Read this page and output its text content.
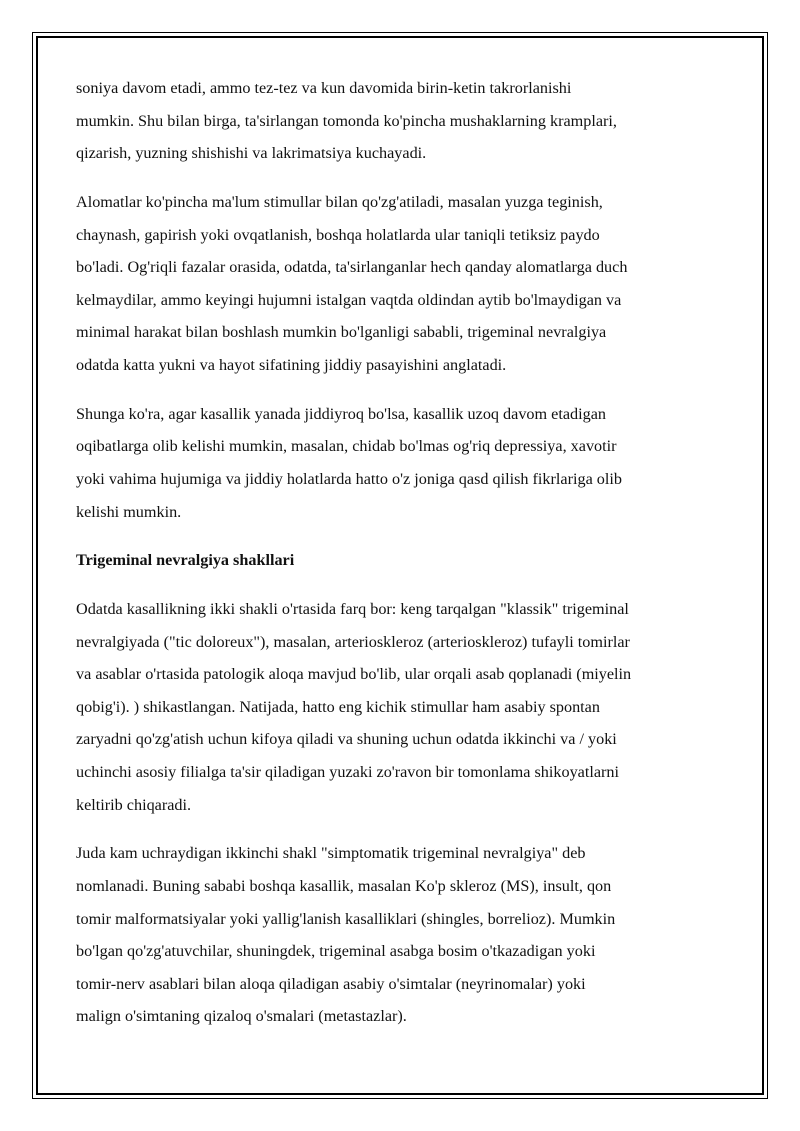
soniya davom etadi, ammo tez-tez va kun davomida birin-ketin takrorlanishi
mumkin. Shu bilan birga, ta'sirlangan tomonda ko'pincha mushaklarning kramplari,
qizarish, yuzning shishishi va lakrimatsiya kuchayadi.

Alomatlar ko'pincha ma'lum stimullar bilan qo'zg'atiladi, masalan yuzga teginish,
chaynash, gapirish yoki ovqatlanish, boshqa holatlarda ular taniqli tetiksiz paydo
bo'ladi. Og'riqli fazalar orasida, odatda, ta'sirlanganlar hech qanday alomatlarga duch
kelmaydilar, ammo keyingi hujumni istalgan vaqtda oldindan aytib bo'lmaydigan va
minimal harakat bilan boshlash mumkin bo'lganligi sababli, trigeminal nevralgiya
odatda katta yukni va hayot sifatining jiddiy pasayishini anglatadi.

Shunga ko'ra, agar kasallik yanada jiddiyroq bo'lsa, kasallik uzoq davom etadigan
oqibatlarga olib kelishi mumkin, masalan, chidab bo'lmas og'riq depressiya, xavotir
yoki vahima hujumiga va jiddiy holatlarda hatto o'z joniga qasd qilish fikrlariga olib
kelishi mumkin.

Trigeminal nevralgiya shakllari

Odatda kasallikning ikki shakli o'rtasida farq bor: keng tarqalgan "klassik" trigeminal
nevralgiyada ("tic doloreux"), masalan, arterioskleroz (arterioskleroz) tufayli tomirlar
va asablar o'rtasida patologik aloqa mavjud bo'lib, ular orqali asab qoplanadi (miyelin
qobig'i). ) shikastlangan. Natijada, hatto eng kichik stimullar ham asabiy spontan
zaryadni qo'zg'atish uchun kifoya qiladi va shuning uchun odatda ikkinchi va / yoki
uchinchi asosiy filialga ta'sir qiladigan yuzaki zo'ravon bir tomonlama shikoyatlarni
keltirib chiqaradi.

Juda kam uchraydigan ikkinchi shakl "simptomatik trigeminal nevralgiya" deb
nomlanadi. Buning sababi boshqa kasallik, masalan Ko'p skleroz (MS), insult, qon
tomir malformatsiyalar yoki yallig'lanish kasalliklari (shingles, borrelioz). Mumkin
bo'lgan qo'zg'atuvchilar, shuningdek, trigeminal asabga bosim o'tkazadigan yoki
tomir-nerv asablari bilan aloqa qiladigan asabiy o'simtalar (neyrinomalar) yoki
malign o'simtaning qizaloq o'smalari (metastazlar).
